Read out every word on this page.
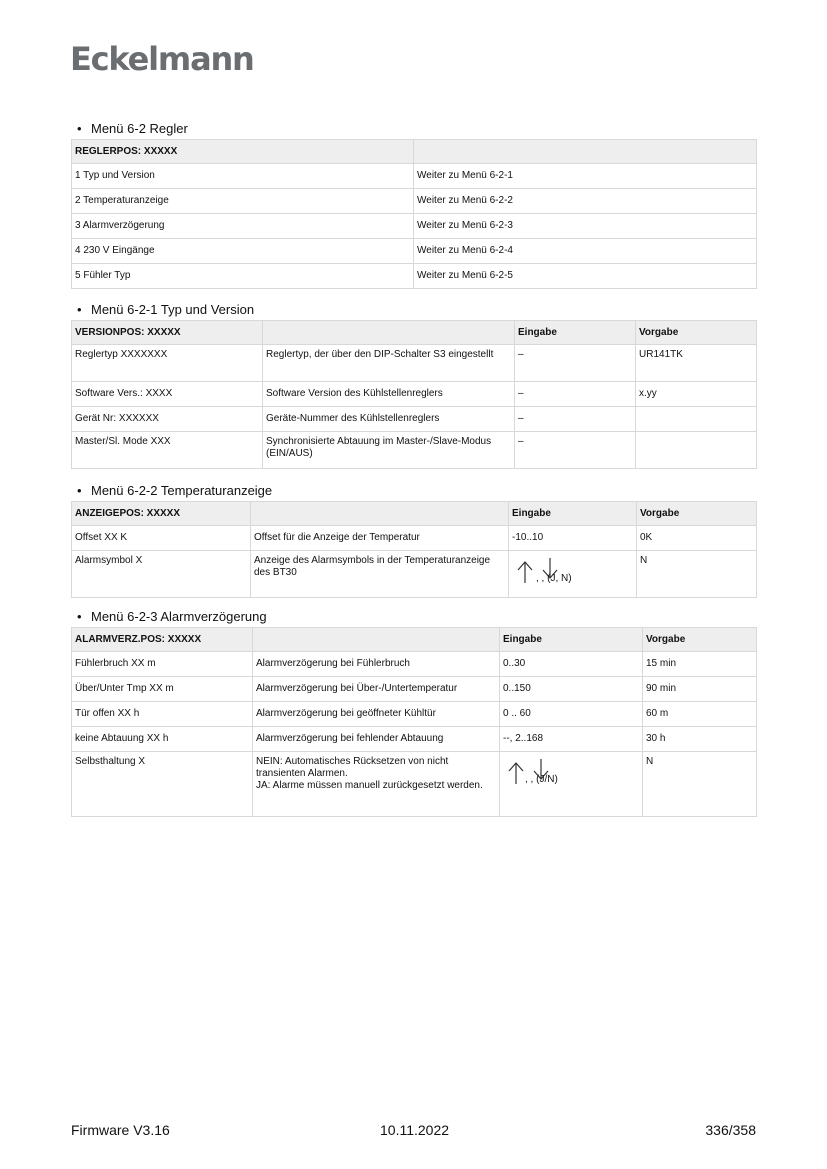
Eckelmann
• Menü 6-2 Regler
REGLERPOS: XXXXX	
1 Typ und Version	Weiter zu Menü 6-2-1
2 Temperaturanzeige	Weiter zu Menü 6-2-2
3 Alarmverzögerung	Weiter zu Menü 6-2-3
4 230 V Eingänge	Weiter zu Menü 6-2-4
5 Fühler Typ	Weiter zu Menü 6-2-5
• Menü 6-2-1 Typ und Version
VERSIONPOS: XXXXX		Eingabe	Vorgabe
Reglertyp XXXXXXX	Reglertyp, der über den DIP-Schalter S3 eingestellt	–	UR141TK
Software Vers.: XXXX	Software Version des Kühlstellenreglers	–	x.yy
Gerät Nr: XXXXXX	Geräte-Nummer des Kühlstellenreglers	–	
Master/Sl. Mode XXX	Synchronisierte Abtauung im Master-/Slave-Modus (EIN/AUS)	–	
• Menü 6-2-2 Temperaturanzeige
ANZEIGEPOS: XXXXX		Eingabe	Vorgabe
Offset XX K	Offset für die Anzeige der Temperatur	-10..10	0K
Alarmsymbol X	Anzeige des Alarmsymbols in der Temperaturanzeige des BT30	, , (J, N)	N
• Menü 6-2-3 Alarmverzögerung
ALARMVERZ.POS: XXXXX		Eingabe	Vorgabe
Fühlerbruch XX m	Alarmverzögerung bei Fühlerbruch	0..30	15 min
Über/Unter Tmp XX m	Alarmverzögerung bei Über-/Untertemperatur	0..150	90 min
Tür offen XX h	Alarmverzögerung bei geöffneter Kühltür	0 .. 60	60 m
keine Abtauung XX h	Alarmverzögerung bei fehlender Abtauung	--, 2..168	30 h
Selbsthaltung X	NEIN: Automatisches Rücksetzen von nicht transienten Alarmen.
JA: Alarme müssen manuell zurückgesetzt werden.	, , (J/N)	N
Firmware V3.16	10.11.2022	336/358
